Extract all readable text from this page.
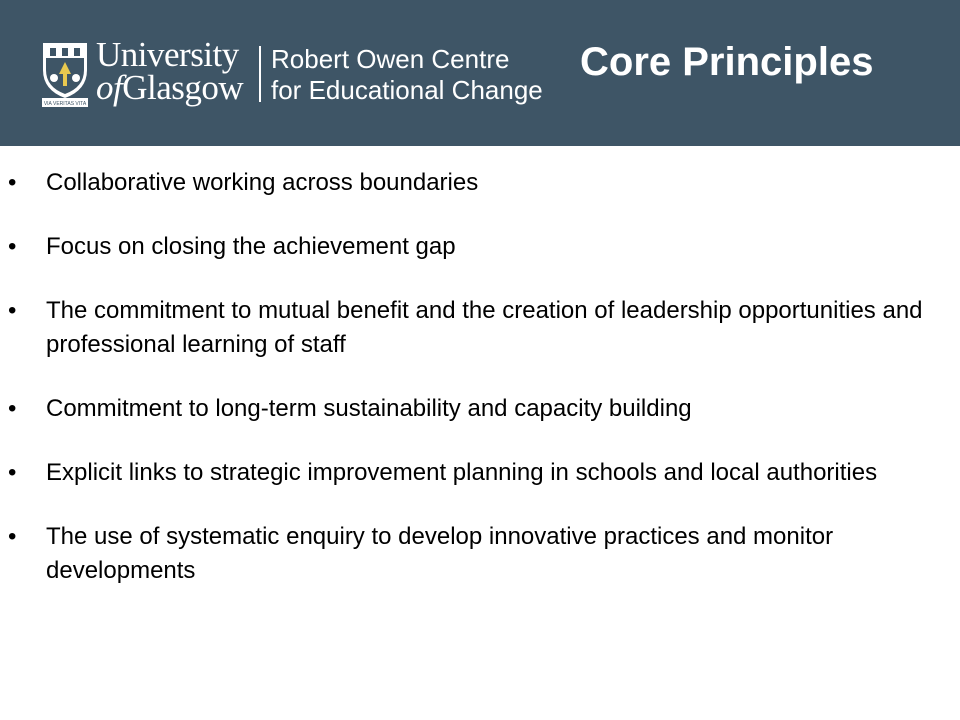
VIA VERITAS VITA
University
ofGlasgow
Robert Owen Centre
for Educational Change
Core Principles
•	Collaborative working across boundaries
•	Focus on closing the achievement gap
•	The commitment to mutual benefit and the creation of leadership opportunities and professional learning of staff
•	Commitment to long-term sustainability and capacity building
•	Explicit links to strategic improvement planning in schools and local authorities
•	The use of systematic enquiry to develop innovative practices and monitor developments
